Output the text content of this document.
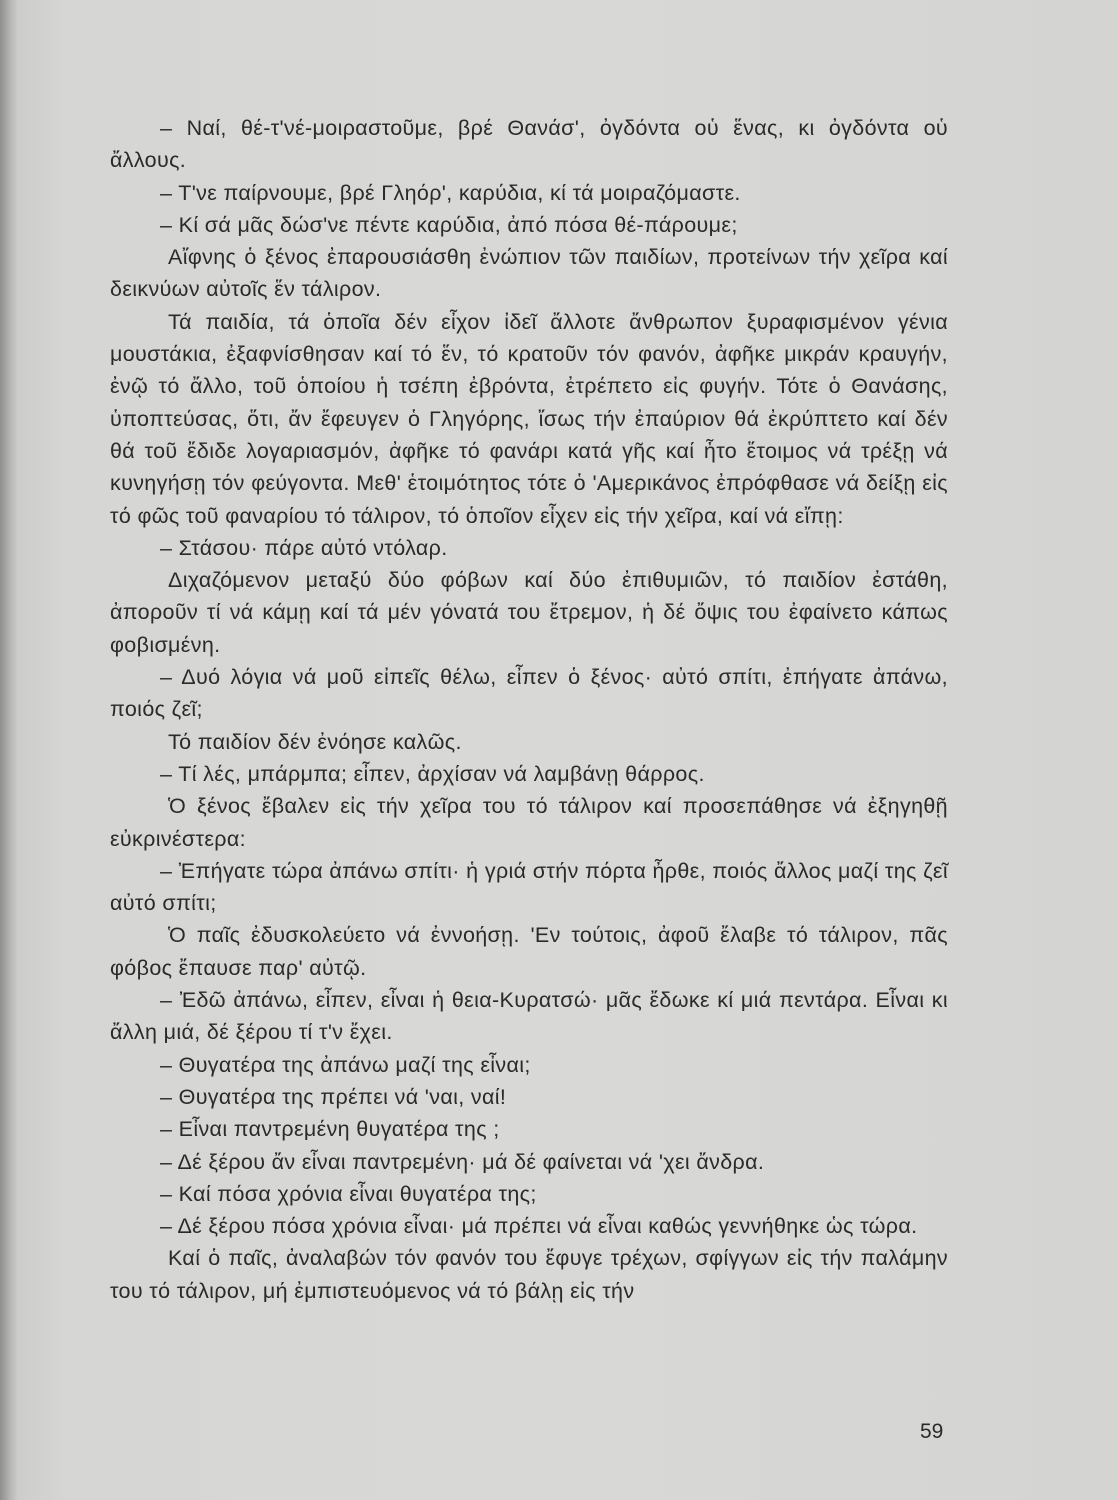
– Ναί, θέ-τ'νέ-μοιραστοῦμε, βρέ Θανάσ', ὀγδόντα οὑ ἕνας, κι ὀγδόντα οὑ ἄλλους.

– Τ'νε παίρνουμε, βρέ Γληόρ', καρύδια, κί τά μοιραζόμαστε.

– Κί σά μᾶς δώσ'νε πέντε καρύδια, ἀπό πόσα θέ-πάρουμε;

Αἴφνης ὁ ξένος ἐπαρουσιάσθη ἐνώπιον τῶν παιδίων, προτείνων τήν χεῖρα καί δεικνύων αὐτοῖς ἕν τάλιρον.

Τά παιδία, τά ὁποῖα δέν εἶχον ἰδεῖ ἄλλοτε ἄνθρωπον ξυραφισμένον γένια μουστάκια, ἐξαφνίσθησαν καί τό ἕν, τό κρατοῦν τόν φανόν, ἀφῆκε μικράν κραυγήν, ἐνῷ τό ἄλλο, τοῦ ὁποίου ἡ τσέπη ἐβρόντα, ἐτρέπετο εἰς φυγήν. Τότε ὁ Θανάσης, ὑποπτεύσας, ὅτι, ἄν ἔφευγεν ὁ Γληγόρης, ἴσως τήν ἐπαύριον θά ἐκρύπτετο καί δέν θά τοῦ ἔδιδε λογαριασμόν, ἀφῆκε τό φανάρι κατά γῆς καί ἦτο ἕτοιμος νά τρέξῃ νά κυνηγήσῃ τόν φεύγοντα. Μεθ' ἑτοιμότητος τότε ὁ 'Αμερικάνος ἐπρόφθασε νά δείξῃ εἰς τό φῶς τοῦ φαναρίου τό τάλιρον, τό ὁποῖον εἶχεν εἰς τήν χεῖρα, καί νά εἴπῃ:

– Στάσου· πάρε αὐτό ντόλαρ.

Διχαζόμενον μεταξύ δύο φόβων καί δύο ἐπιθυμιῶν, τό παιδίον ἐστάθη, ἀποροῦν τί νά κάμῃ καί τά μέν γόνατά του ἔτρεμον, ἡ δέ ὄψις του ἐφαίνετο κάπως φοβισμένη.

– Δυό λόγια νά μοῦ εἰπεῖς θέλω, εἶπεν ὁ ξένος· αὐτό σπίτι, ἐπήγατε ἀπάνω, ποιός ζεῖ;

Τό παιδίον δέν ἐνόησε καλῶς.

– Τί λές, μπάρμπα; εἶπεν, ἀρχίσαν νά λαμβάνῃ θάρρος.

Ὁ ξένος ἔβαλεν εἰς τήν χεῖρα του τό τάλιρον καί προσεπάθησε νά ἐξηγηθῇ εὐκρινέστερα:

– Ἐπήγατε τώρα ἀπάνω σπίτι· ἡ γριά στήν πόρτα ἦρθε, ποιός ἄλλος μαζί της ζεῖ αὐτό σπίτι;

Ὁ παῖς ἐδυσκολεύετο νά ἐννοήσῃ. 'Εν τούτοις, ἀφοῦ ἔλαβε τό τάλιρον, πᾶς φόβος ἔπαυσε παρ' αὐτῷ.

– Ἐδῶ ἀπάνω, εἶπεν, εἶναι ἡ θεια-Κυρατσώ· μᾶς ἔδωκε κί μιά πεντάρα. Εἶναι κι ἄλλη μιά, δέ ξέρου τί τ'ν ἔχει.

– Θυγατέρα της ἀπάνω μαζί της εἶναι;

– Θυγατέρα της πρέπει νά 'ναι, ναί!

– Εἶναι παντρεμένη θυγατέρα της ;

– Δέ ξέρου ἄν εἶναι παντρεμένη· μά δέ φαίνεται νά 'χει ἄνδρα.

– Καί πόσα χρόνια εἶναι θυγατέρα της;

– Δέ ξέρου πόσα χρόνια εἶναι· μά πρέπει νά εἶναι καθώς γεννήθηκε ὡς τώρα.

Καί ὁ παῖς, ἀναλαβών τόν φανόν του ἔφυγε τρέχων, σφίγγων εἰς τήν παλάμην του τό τάλιρον, μή ἐμπιστευόμενος νά τό βάλῃ εἰς τήν

59
